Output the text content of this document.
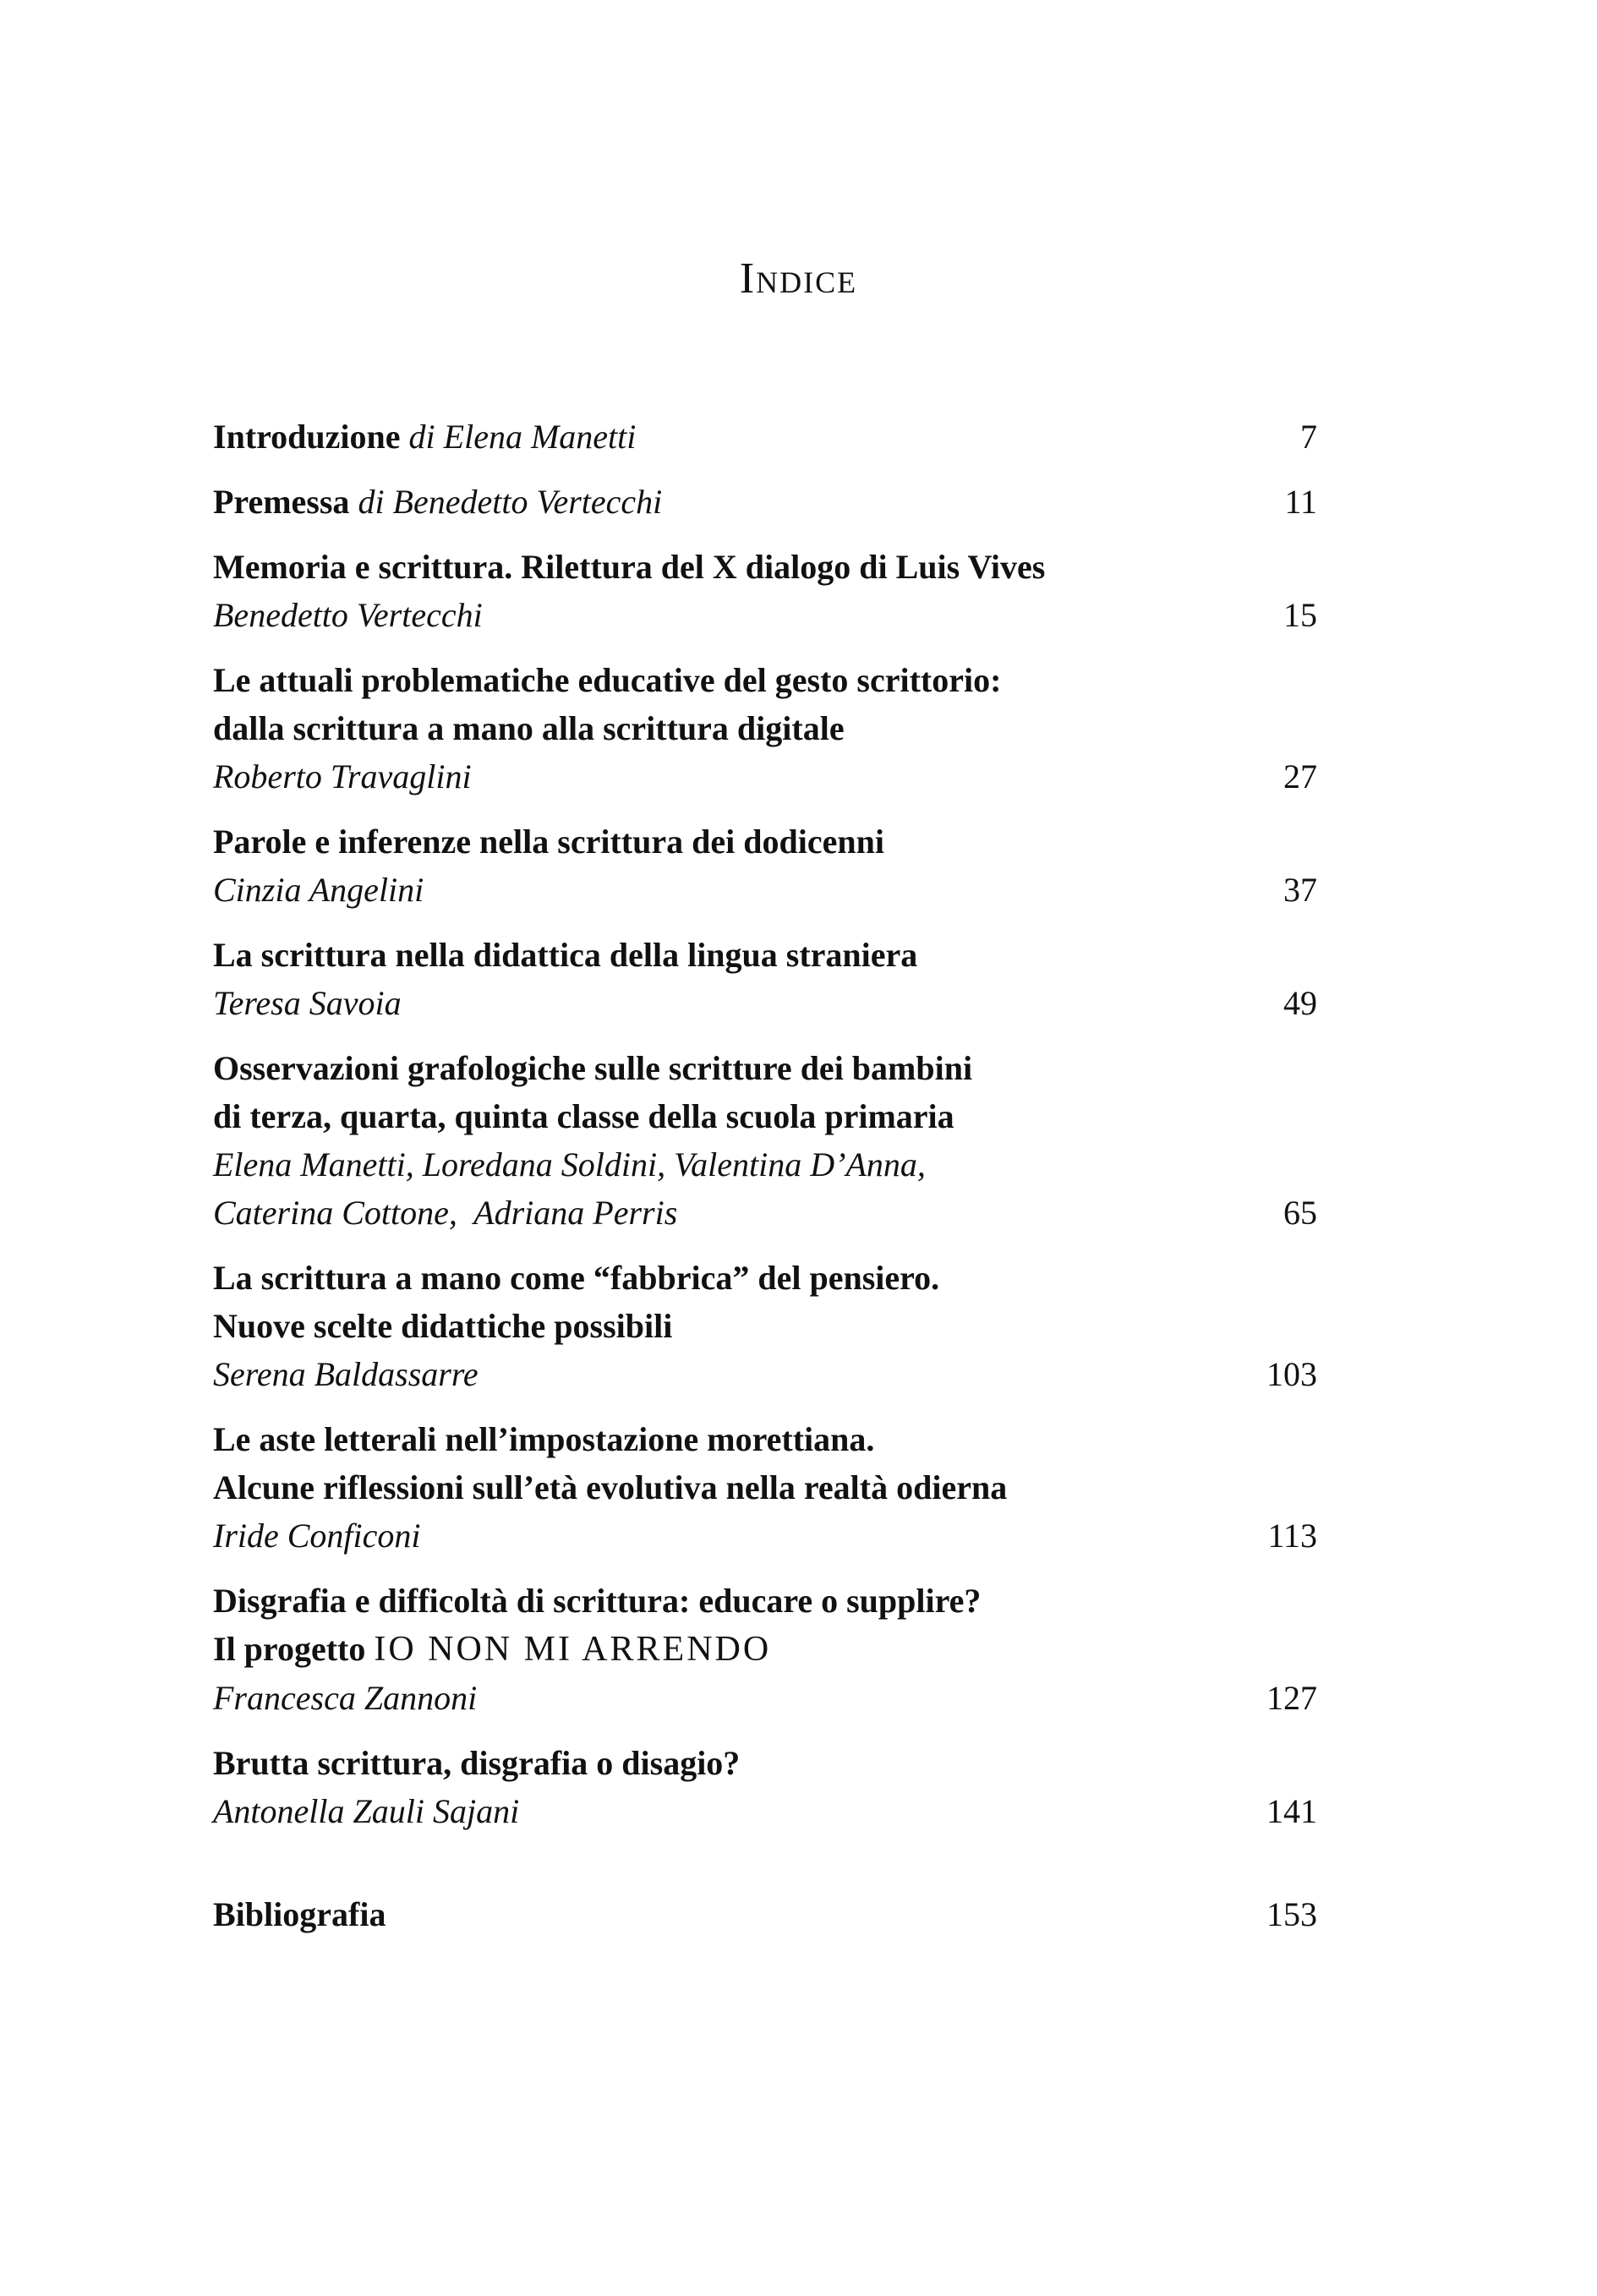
Indice
Introduzione di Elena Manetti	7
Premessa di Benedetto Vertecchi	11
Memoria e scrittura. Rilettura del X dialogo di Luis Vives
Benedetto Vertecchi	15
Le attuali problematiche educative del gesto scrittorio:
dalla scrittura a mano alla scrittura digitale
Roberto Travaglini	27
Parole e inferenze nella scrittura dei dodicenni
Cinzia Angelini	37
La scrittura nella didattica della lingua straniera
Teresa Savoia	49
Osservazioni grafologiche sulle scritture dei bambini
di terza, quarta, quinta classe della scuola primaria
Elena Manetti, Loredana Soldini, Valentina D’Anna,
Caterina Cottone,  Adriana Perris	65
La scrittura a mano come “fabbrica” del pensiero.
Nuove scelte didattiche possibili
Serena Baldassarre	103
Le aste letterali nell’impostazione morettiana.
Alcune riflessioni sull’età evolutiva nella realtà odierna
Iride Conficoni	113
Disgrafia e difficoltà di scrittura: educare o supplire?
Il progetto IO NON MI ARRENDO
Francesca Zannoni	127
Brutta scrittura, disgrafia o disagio?
Antonella Zauli Sajani	141
Bibliografia	153
